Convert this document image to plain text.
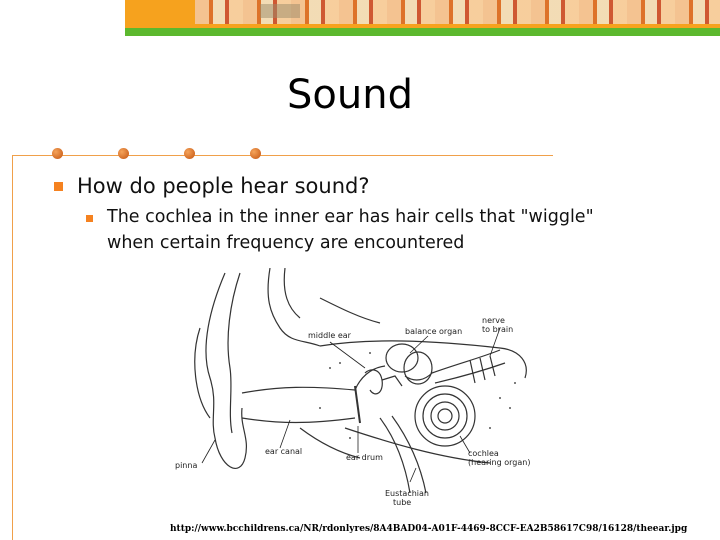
Sound
How do people hear sound?
The cochlea in the inner ear has hair cells that "wiggle" when certain frequency are encountered
middle ear	balance organ
nerve
to brain
pinna
ear canal
ear drum	cochlea
(hearing organ)
Eustachian
tube
http://www.bcchildrens.ca/NR/rdonlyres/8A4BAD04-A01F-4469-8CCF-EA2B58617C98/16128/theear.jpg
